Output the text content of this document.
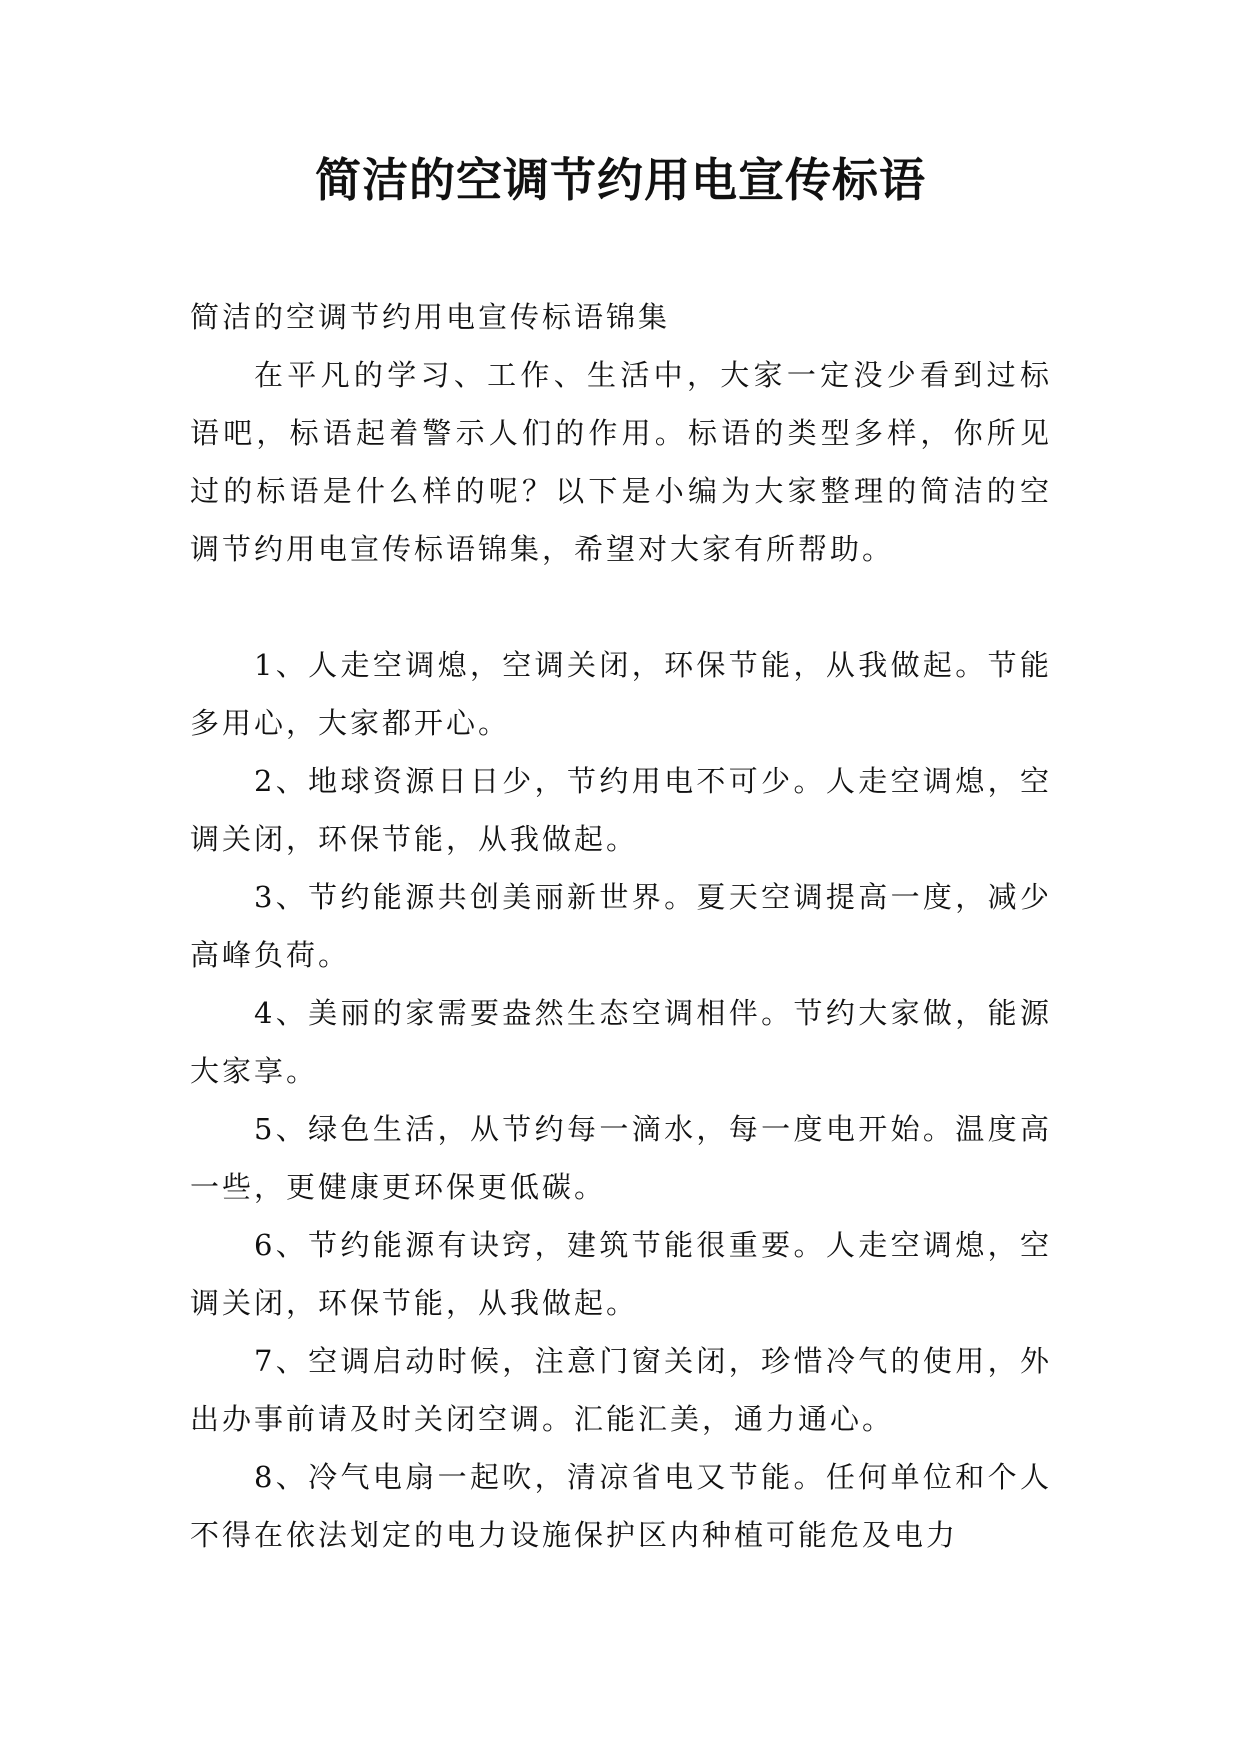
简洁的空调节约用电宣传标语

简洁的空调节约用电宣传标语锦集

在平凡的学习、工作、生活中，大家一定没少看到过标语吧，标语起着警示人们的作用。标语的类型多样，你所见过的标语是什么样的呢？以下是小编为大家整理的简洁的空调节约用电宣传标语锦集，希望对大家有所帮助。

1、人走空调熄，空调关闭，环保节能，从我做起。节能多用心，大家都开心。

2、地球资源日日少，节约用电不可少。人走空调熄，空调关闭，环保节能，从我做起。

3、节约能源共创美丽新世界。夏天空调提高一度，减少高峰负荷。

4、美丽的家需要盎然生态空调相伴。节约大家做，能源大家享。

5、绿色生活，从节约每一滴水，每一度电开始。温度高一些，更健康更环保更低碳。

6、节约能源有诀窍，建筑节能很重要。人走空调熄，空调关闭，环保节能，从我做起。

7、空调启动时候，注意门窗关闭，珍惜冷气的使用，外出办事前请及时关闭空调。汇能汇美，通力通心。

8、冷气电扇一起吹，清凉省电又节能。任何单位和个人不得在依法划定的电力设施保护区内种植可能危及电力
